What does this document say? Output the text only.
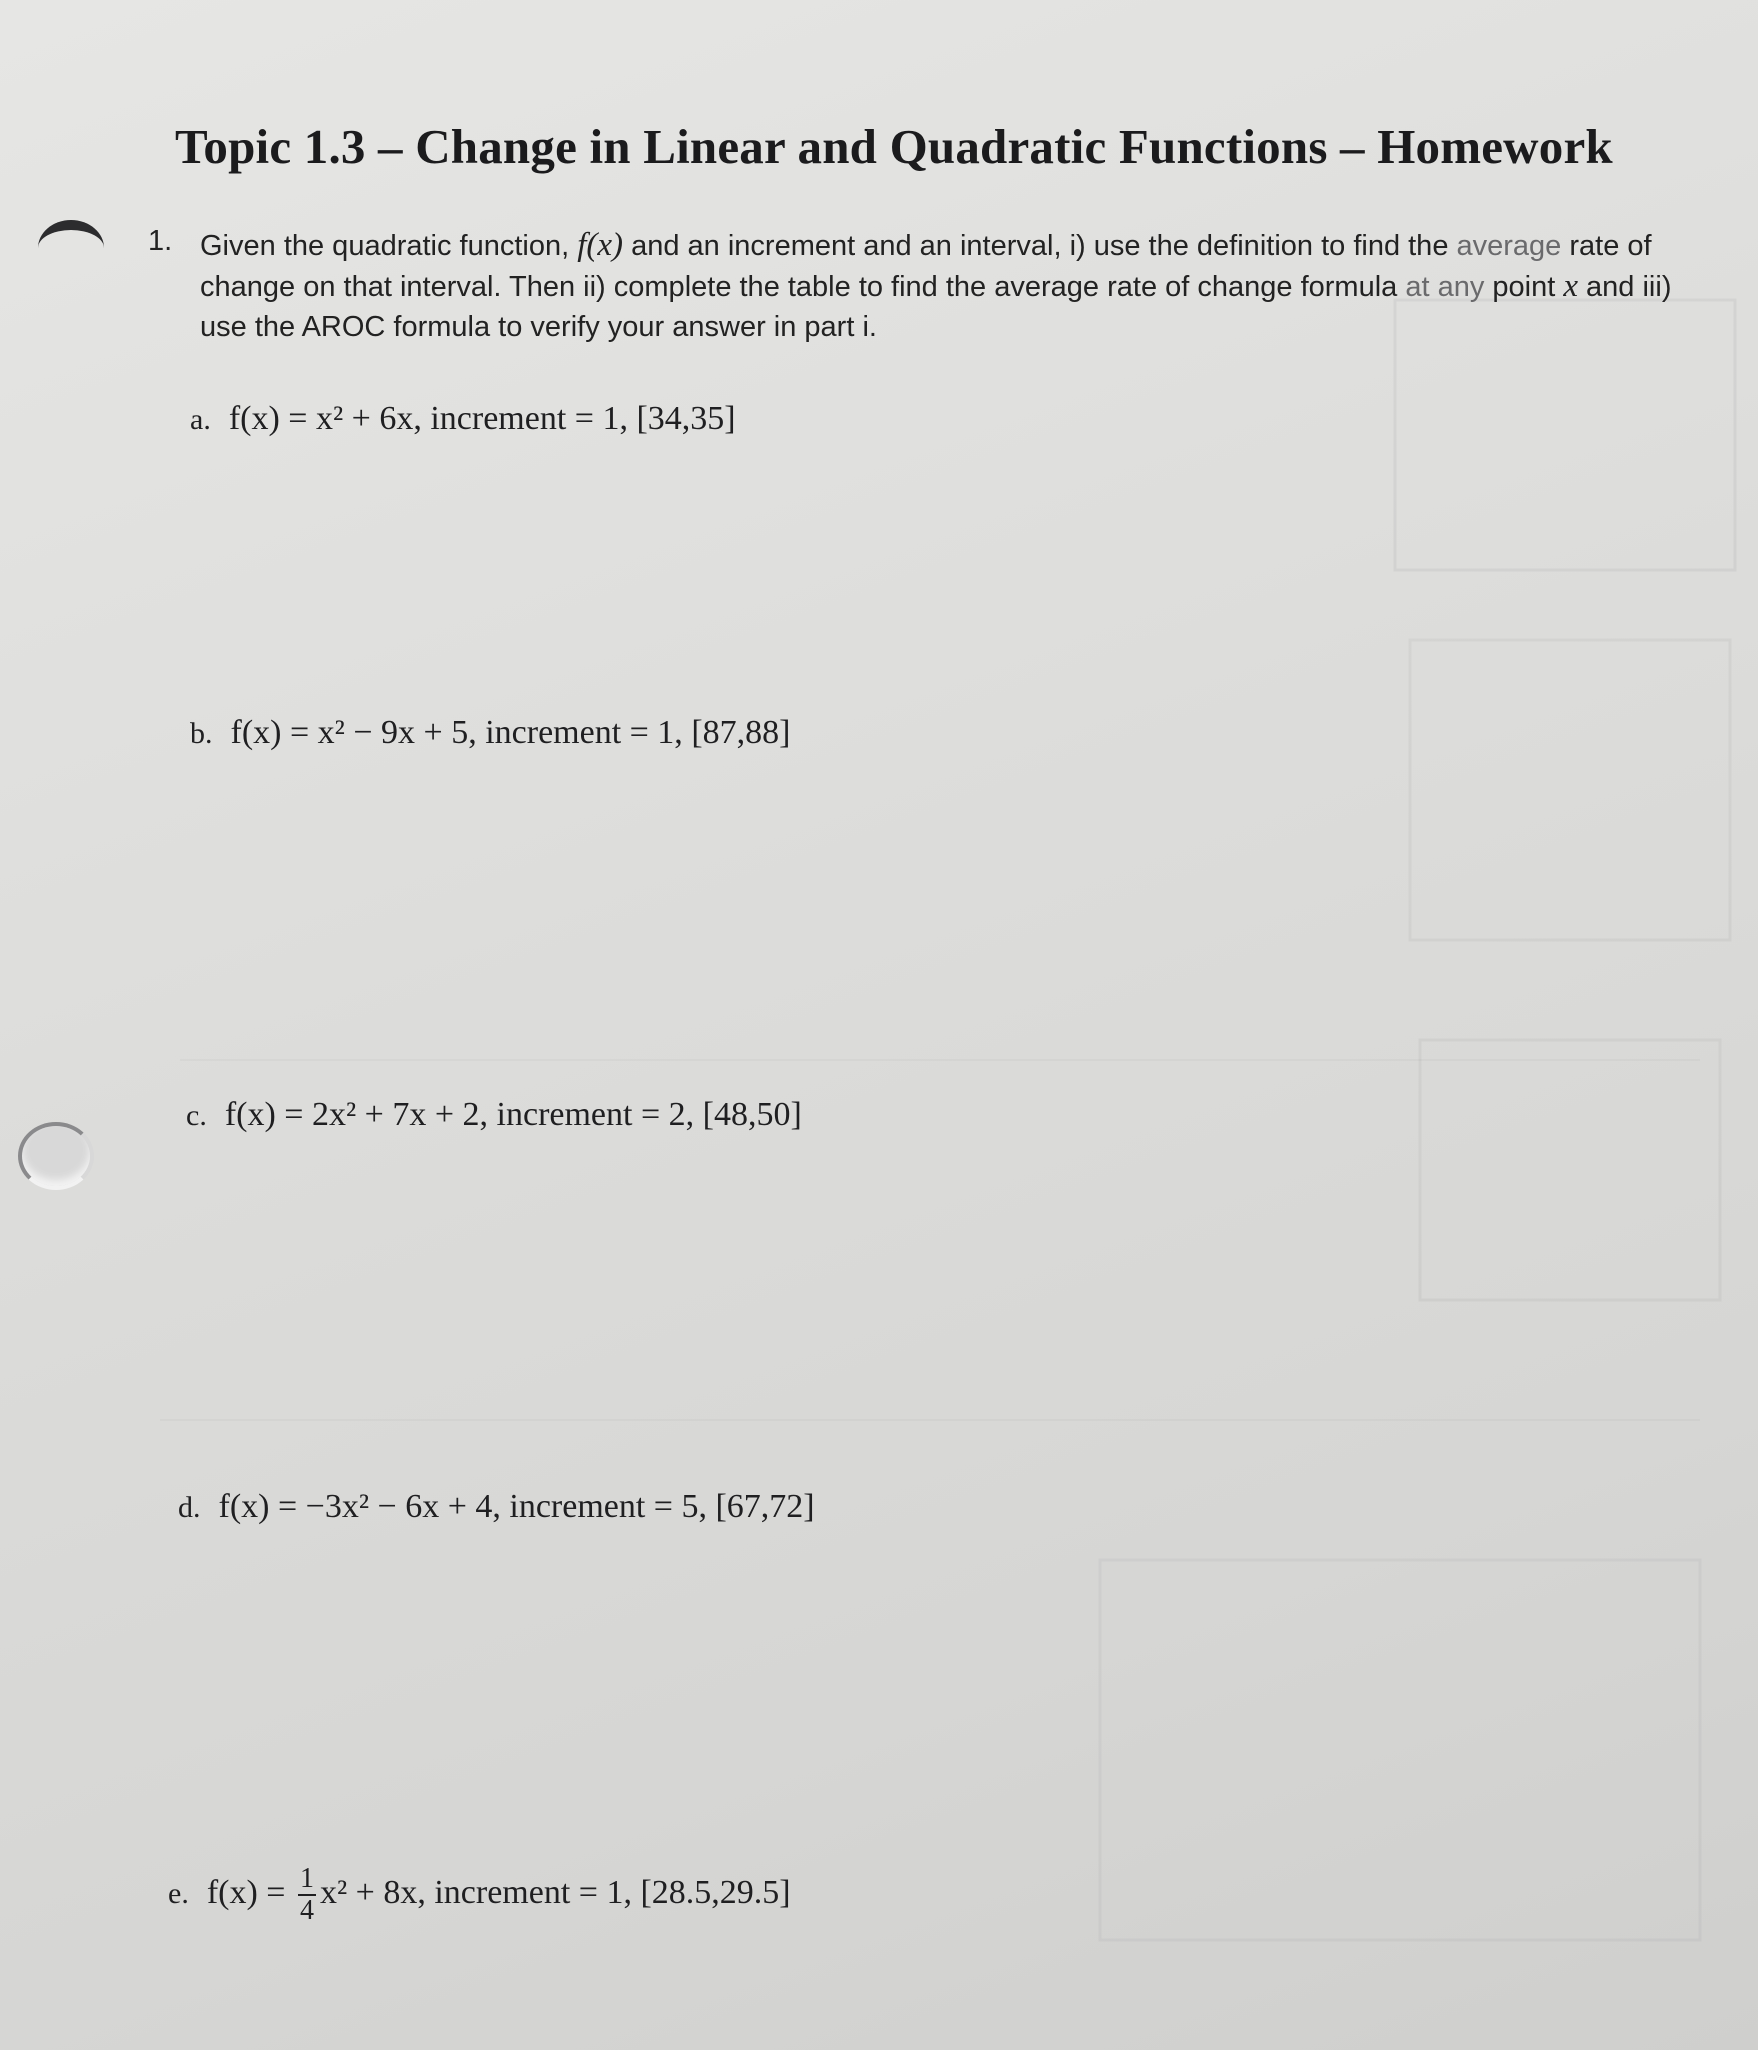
Topic 1.3 – Change in Linear and Quadratic Functions – Homework
1. Given the quadratic function, f(x) and an increment and an interval, i) use the definition to find the average rate of change on that interval. Then ii) complete the table to find the average rate of change formula at any point x and iii) use the AROC formula to verify your answer in part i.
a. f(x) = x² + 6x, increment = 1, [34,35]
b. f(x) = x² − 9x + 5, increment = 1, [87,88]
c. f(x) = 2x² + 7x + 2, increment = 2, [48,50]
d. f(x) = −3x² − 6x + 4, increment = 5, [67,72]
e. $f(x) = \frac{1}{4} x^2 + 8x$, increment = 1, [28.5,29.5]
